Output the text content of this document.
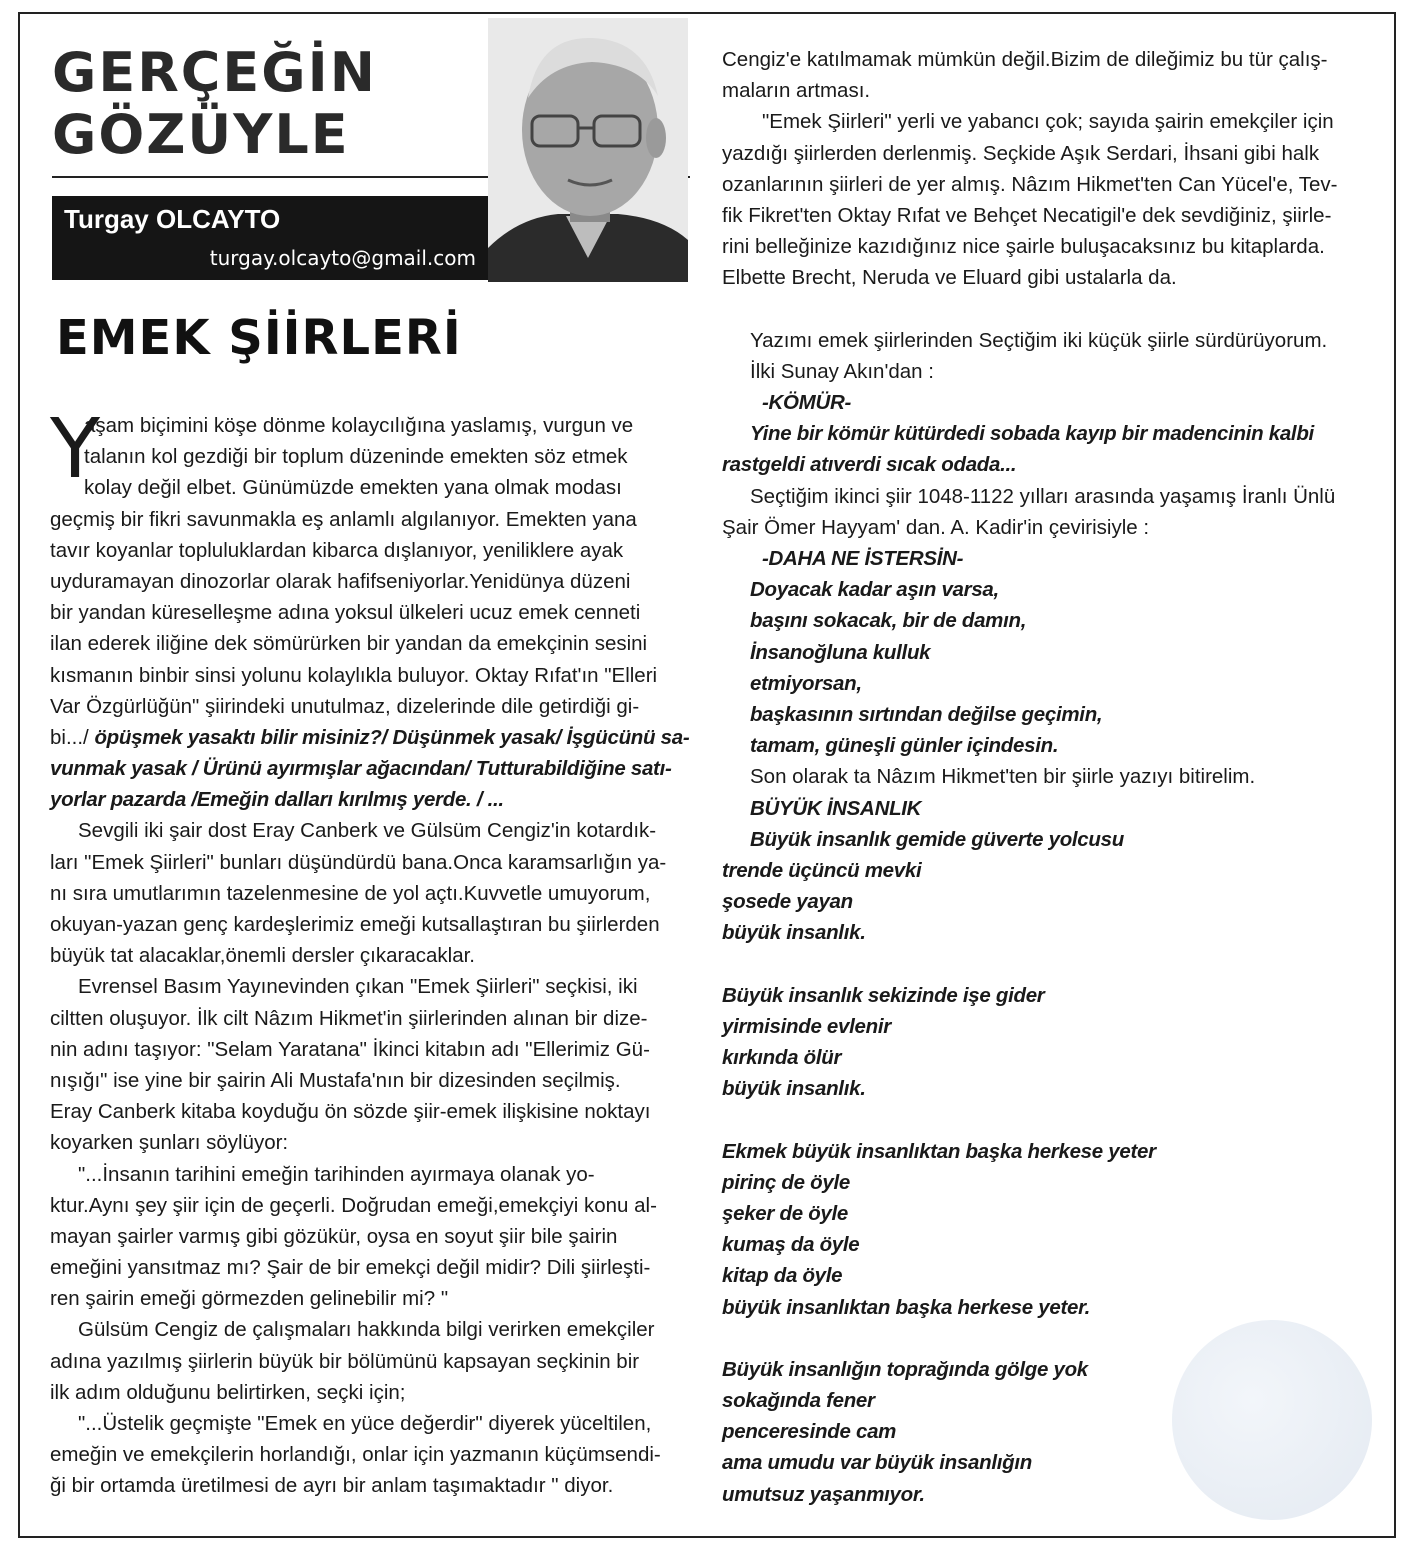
GERÇEĞİN
GÖZÜYLE
Turgay OLCAYTO
turgay.olcayto@gmail.com
EMEK ŞİİRLERİ
Y
aşam biçimini köşe dönme kolaycılığına yaslamış, vurgun ve
talanın kol gezdiği bir toplum düzeninde emekten söz etmek
kolay değil elbet. Günümüzde emekten yana olmak modası
geçmiş bir fikri savunmakla eş anlamlı algılanıyor. Emekten yana
tavır koyanlar topluluklardan kibarca dışlanıyor, yeniliklere ayak
uyduramayan dinozorlar olarak hafifseniyorlar.Yenidünya düzeni
bir yandan küreselleşme adına yoksul ülkeleri ucuz emek cenneti
ilan ederek iliğine dek sömürürken bir yandan da emekçinin sesini
kısmanın binbir sinsi yolunu kolaylıkla buluyor. Oktay Rıfat'ın "Elleri
Var Özgürlüğün" şiirindeki unutulmaz, dizelerinde dile getirdiği gi-
bi.../ öpüşmek yasaktı bilir misiniz?/ Düşünmek yasak/ İşgücünü sa-
vunmak yasak / Ürünü ayırmışlar ağacından/ Tutturabildiğine satı-
yorlar pazarda /Emeğin dalları kırılmış yerde. / ...
Sevgili iki şair dost Eray Canberk ve Gülsüm Cengiz'in kotardık-
ları "Emek Şiirleri" bunları düşündürdü bana.Onca karamsarlığın ya-
nı sıra umutlarımın tazelenmesine de yol açtı.Kuvvetle umuyorum,
okuyan-yazan genç kardeşlerimiz emeği kutsallaştıran bu şiirlerden
büyük tat alacaklar,önemli dersler çıkaracaklar.
Evrensel Basım Yayınevinden çıkan "Emek Şiirleri" seçkisi, iki
ciltten oluşuyor. İlk cilt Nâzım Hikmet'in şiirlerinden alınan bir dize-
nin adını taşıyor: "Selam Yaratana" İkinci kitabın adı "Ellerimiz Gü-
nışığı" ise yine bir şairin Ali Mustafa'nın bir dizesinden seçilmiş.
Eray Canberk kitaba koyduğu ön sözde şiir-emek ilişkisine noktayı
koyarken şunları söylüyor:
"...İnsanın tarihini emeğin tarihinden ayırmaya olanak yo-
ktur.Aynı şey şiir için de geçerli. Doğrudan emeği,emekçiyi konu al-
mayan şairler varmış gibi gözükür, oysa en soyut şiir bile şairin
emeğini yansıtmaz mı? Şair de bir emekçi değil midir? Dili şiirleşti-
ren şairin emeği görmezden gelinebilir mi? "
Gülsüm Cengiz de çalışmaları hakkında bilgi verirken emekçiler
adına yazılmış şiirlerin büyük bir bölümünü kapsayan seçkinin bir
ilk adım olduğunu belirtirken, seçki için;
"...Üstelik geçmişte "Emek en yüce değerdir" diyerek yüceltilen,
emeğin ve emekçilerin horlandığı, onlar için yazmanın küçümsendi-
ği bir ortamda üretilmesi de ayrı bir anlam taşımaktadır " diyor.
Cengiz'e katılmamak mümkün değil.Bizim de dileğimiz bu tür çalış-
maların artması.
"Emek Şiirleri" yerli ve yabancı çok; sayıda şairin emekçiler için
yazdığı şiirlerden derlenmiş. Seçkide Aşık Serdari, İhsani gibi halk
ozanlarının şiirleri de yer almış. Nâzım Hikmet'ten Can Yücel'e, Tev-
fik Fikret'ten Oktay Rıfat ve Behçet Necatigil'e dek sevdiğiniz, şiirle-
rini belleğinize kazıdığınız nice şairle buluşacaksınız bu kitaplarda.
Elbette Brecht, Neruda ve Eluard gibi ustalarla da.
Yazımı emek şiirlerinden Seçtiğim iki küçük şiirle sürdürüyorum.
İlki Sunay Akın'dan :
-KÖMÜR-
Yine bir kömür kütürdedi sobada kayıp bir madencinin kalbi
rastgeldi atıverdi sıcak odada...
Seçtiğim ikinci şiir 1048-1122 yılları arasında yaşamış İranlı Ünlü
Şair Ömer Hayyam' dan. A. Kadir'in çevirisiyle :
-DAHA NE İSTERSİN-
Doyacak kadar aşın varsa,
başını sokacak, bir de damın,
İnsanoğluna kulluk
etmiyorsan,
başkasının sırtından değilse geçimin,
tamam, güneşli günler içindesin.
Son olarak ta Nâzım Hikmet'ten bir şiirle yazıyı bitirelim.
BÜYÜK İNSANLIK
Büyük insanlık gemide güverte yolcusu
trende üçüncü mevki
şosede yayan
büyük insanlık.
Büyük insanlık sekizinde işe gider
yirmisinde evlenir
kırkında ölür
büyük insanlık.
Ekmek büyük insanlıktan başka herkese yeter
pirinç de öyle
şeker de öyle
kumaş da öyle
kitap da öyle
büyük insanlıktan başka herkese yeter.
Büyük insanlığın toprağında gölge yok
sokağında fener
penceresinde cam
ama umudu var büyük insanlığın
umutsuz yaşanmıyor.
